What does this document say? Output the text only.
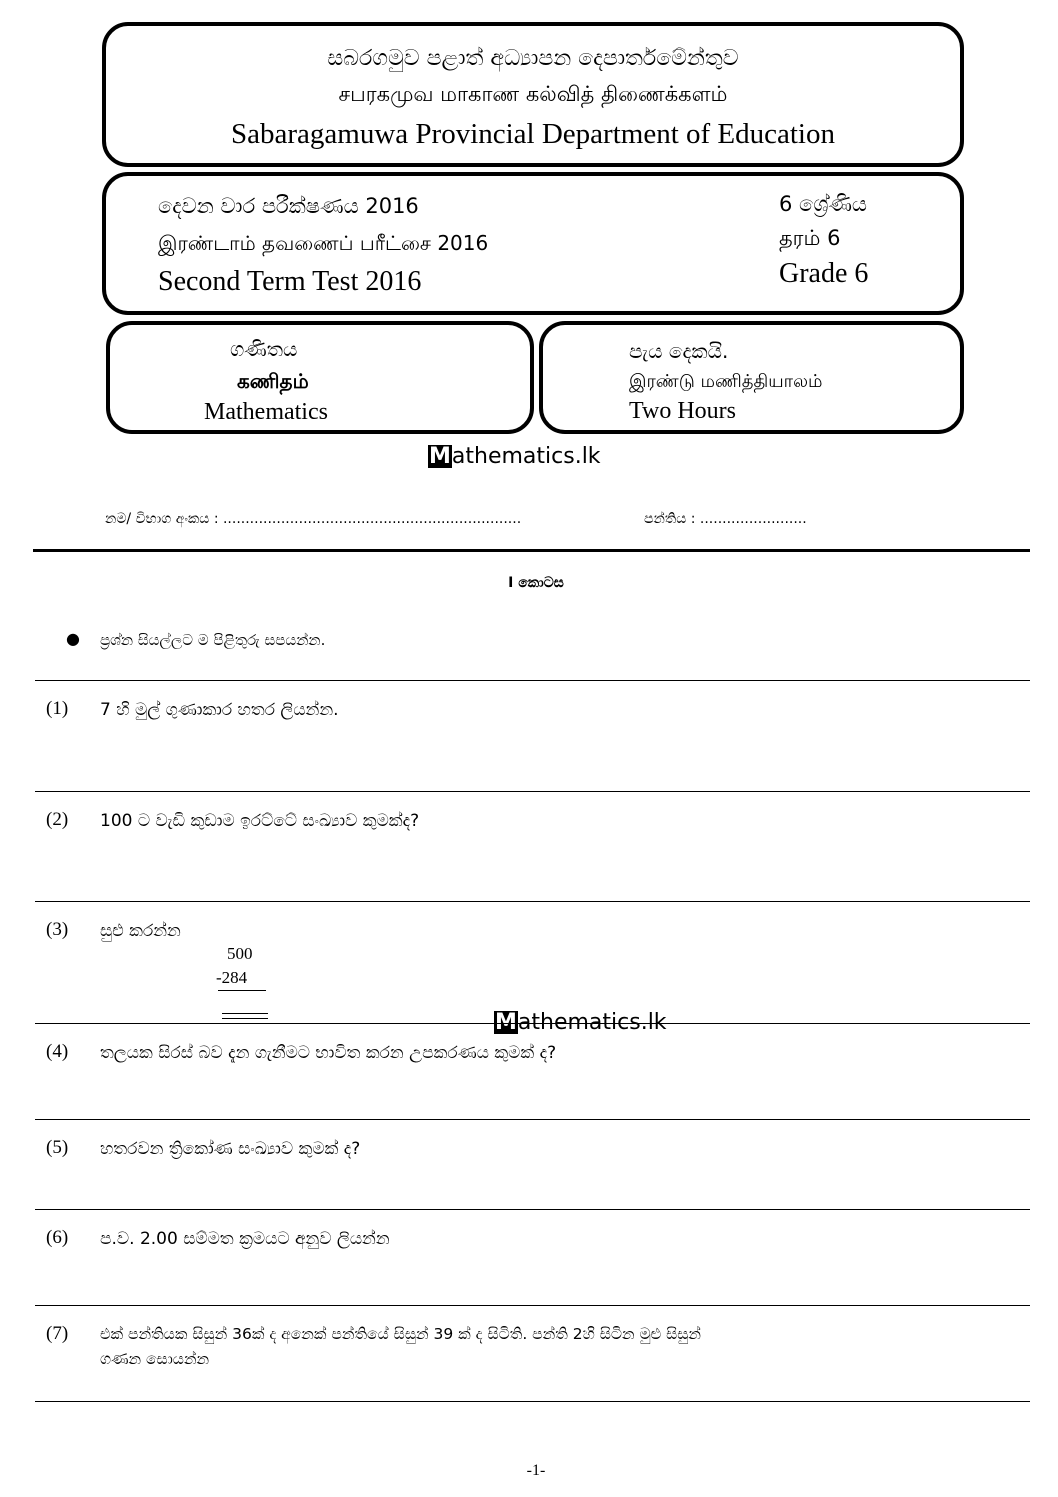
සබරගමුව පළාත් අධ්‍යාපන දෙපාර්තමේන්තුව
சபரகமுவ மாகாண கல்வித் திணைக்களம்
Sabaragamuwa Provincial Department of Education
දෙවන වාර පරීක්ෂණය 2016
இரண்டாம் தவணைப் பரீட்சை 2016
Second Term Test 2016
6 ශ්‍රේණිය
தரம் 6
Grade 6
ගණිතය
கணிதம்
Mathematics
පැය දෙකයි.
இரண்டு மணித்தியாலம்
Two Hours
Mathematics.lk
නම/ විභාග අංකය : ...................................................................	පන්තිය : ........................
I කොටස
● ප්‍රශ්න සියල්ලට ම පිළිතුරු සපයන්න.
(1) 7 හි මුල් ගුණාකාර හතර ලියන්න.
(2) 100 ට වැඩි කුඩාම ඉරට්ටේ සංඛ්‍යාව කුමක්ද?
(3) සුළු කරන්න
500
-284
Mathematics.lk
(4) තලයක සිරස් බව දැන ගැනීමට භාවිත කරන උපකරණය කුමක් ද?
(5) හතරවන ත්‍රිකෝණ සංඛ්‍යාව කුමක් ද?
(6) ප.ව. 2.00 සම්මත ක්‍රමයට අනුව ලියන්න
(7) එක් පන්තියක සිසුන් 36ක් ද අනෙක් පන්තියේ සිසුන් 39 ක් ද සිටිති. පන්ති 2හි සිටින මුළු සිසුන්
ගණන සොයන්න
-1-
